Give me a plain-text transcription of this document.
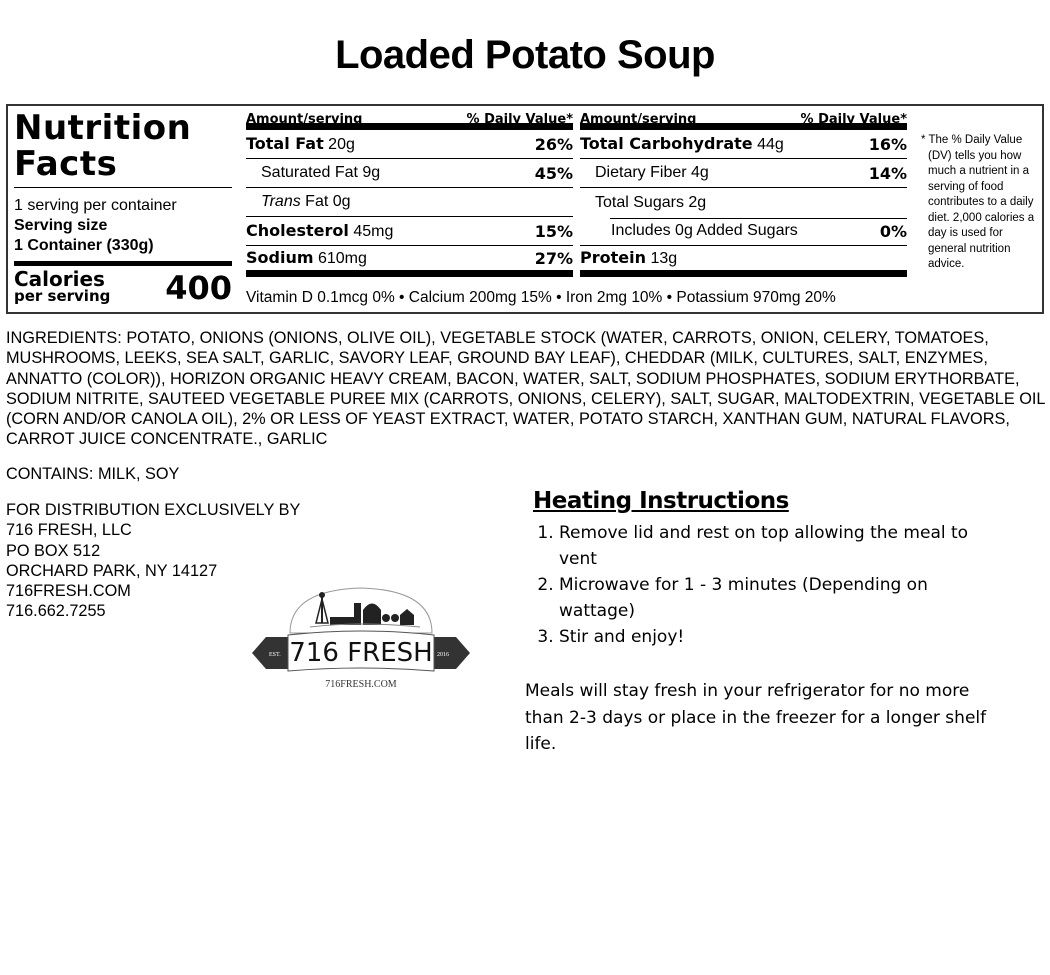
Loaded Potato Soup
Nutrition
Facts
1 serving per container
Serving size
1 Container (330g)
Calories
per serving 400
Amount/serving	% Daily Value*
Total Fat 20g	26%
Saturated Fat 9g	45%
Trans Fat 0g
Cholesterol 45mg	15%
Sodium 610mg	27%
Amount/serving	% Daily Value*
Total Carbohydrate 44g	16%
Dietary Fiber 4g	14%
Total Sugars 2g
Includes 0g Added Sugars	0%
Protein 13g
Vitamin D 0.1mcg 0% • Calcium 200mg 15% • Iron 2mg 10% • Potassium 970mg 20%
* The % Daily Value (DV) tells you how much a nutrient in a serving of food contributes to a daily diet. 2,000 calories a day is used for general nutrition advice.
INGREDIENTS: POTATO, ONIONS (ONIONS, OLIVE OIL), VEGETABLE STOCK (WATER, CARROTS, ONION, CELERY, TOMATOES, MUSHROOMS, LEEKS, SEA SALT, GARLIC, SAVORY LEAF, GROUND BAY LEAF), CHEDDAR (MILK, CULTURES, SALT, ENZYMES, ANNATTO (COLOR)), HORIZON ORGANIC HEAVY CREAM, BACON, WATER, SALT, SODIUM PHOSPHATES, SODIUM ERYTHORBATE, SODIUM NITRITE, SAUTEED VEGETABLE PUREE MIX (CARROTS, ONIONS, CELERY), SALT, SUGAR, MALTODEXTRIN, VEGETABLE OIL (CORN AND/OR CANOLA OIL), 2% OR LESS OF YEAST EXTRACT, WATER, POTATO STARCH, XANTHAN GUM, NATURAL FLAVORS, CARROT JUICE CONCENTRATE., GARLIC
CONTAINS: MILK, SOY
FOR DISTRIBUTION EXCLUSIVELY BY
716 FRESH, LLC
PO BOX 512
ORCHARD PARK, NY 14127
716FRESH.COM
716.662.7255
EST.	2016
716 FRESH
716FRESH.COM
Heating Instructions
1. Remove lid and rest on top allowing the meal to vent
2. Microwave for 1 - 3 minutes (Depending on wattage)
3. Stir and enjoy!

Meals will stay fresh in your refrigerator for no more than 2-3 days or place in the freezer for a longer shelf life.
